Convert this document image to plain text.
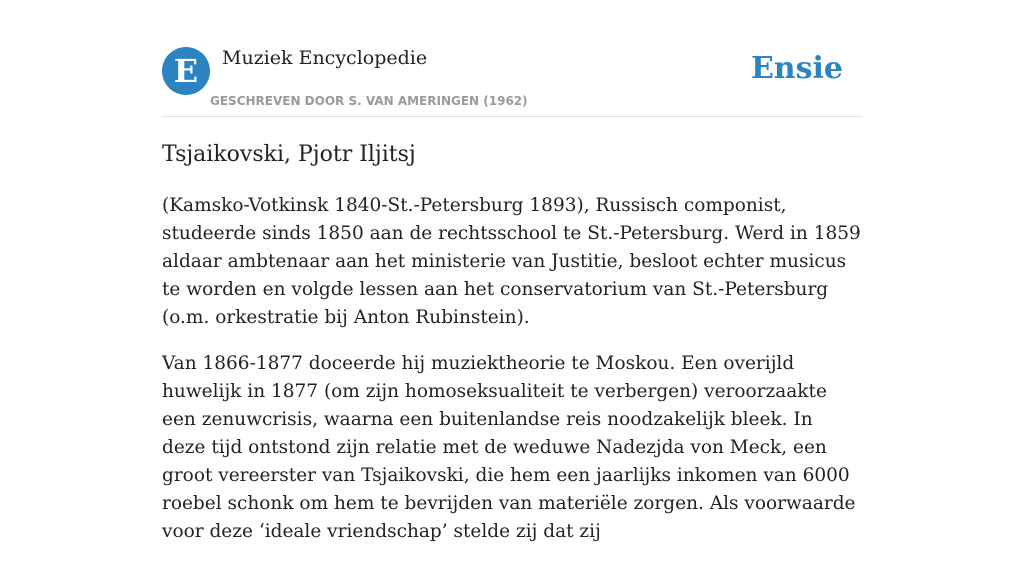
E	Muziek Encyclopedie
GESCHREVEN DOOR S. VAN AMERINGEN (1962)
Ensie
Tsjaikovski, Pjotr Iljitsj

(Kamsko-Votkinsk 1840-St.-Petersburg 1893), Russisch componist, studeerde sinds 1850 aan de rechtsschool te St.-Petersburg. Werd in 1859 aldaar ambtenaar aan het ministerie van Justitie, besloot echter musicus te worden en volgde lessen aan het conservatorium van St.-Petersburg (o.m. orkestratie bij Anton Rubinstein).

Van 1866-1877 doceerde hij muziektheorie te Moskou. Een overijld huwelijk in 1877 (om zijn homoseksualiteit te verbergen) veroorzaakte een zenuwcrisis, waarna een buitenlandse reis noodzakelijk bleek. In deze tijd ontstond zijn relatie met de weduwe Nadezjda von Meck, een groot vereerster van Tsjaikovski, die hem een jaarlijks inkomen van 6000 roebel schonk om hem te bevrijden van materiële zorgen. Als voorwaarde voor deze ‘ideale vriendschap’ stelde zij dat zij
